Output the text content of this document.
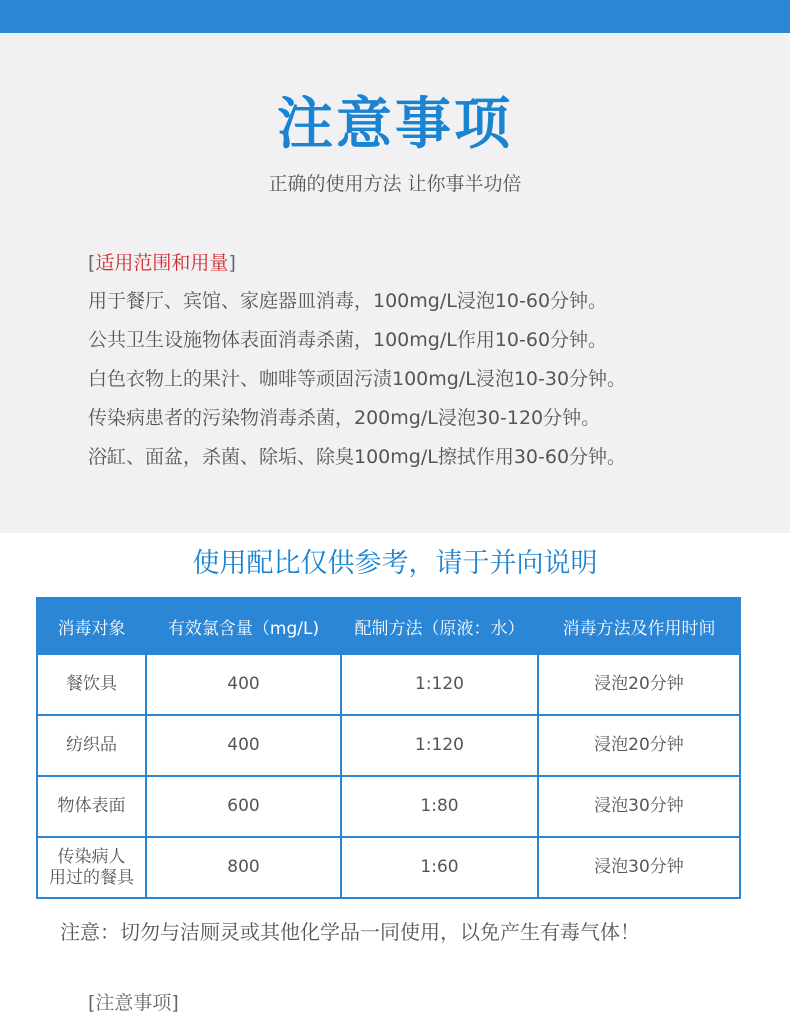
注意事项
正确的使用方法 让你事半功倍
[适用范围和用量]
用于餐厅、宾馆、家庭器皿消毒，100mg/L浸泡10-60分钟。
公共卫生设施物体表面消毒杀菌，100mg/L作用10-60分钟。
白色衣物上的果汁、咖啡等顽固污渍100mg/L浸泡10-30分钟。
传染病患者的污染物消毒杀菌，200mg/L浸泡30-120分钟。
浴缸、面盆，杀菌、除垢、除臭100mg/L擦拭作用30-60分钟。
使用配比仅供参考，请于并向说明
消毒对象	有效氯含量（mg/L)	配制方法（原液：水）	消毒方法及作用时间
餐饮具	400	1:120	浸泡20分钟
纺织品	400	1:120	浸泡20分钟
物体表面	600	1:80	浸泡30分钟

传染病人
用过的餐具	800	1:60	浸泡30分钟
注意：切勿与洁厕灵或其他化学品一同使用，以免产生有毒气体！
[注意事项]
